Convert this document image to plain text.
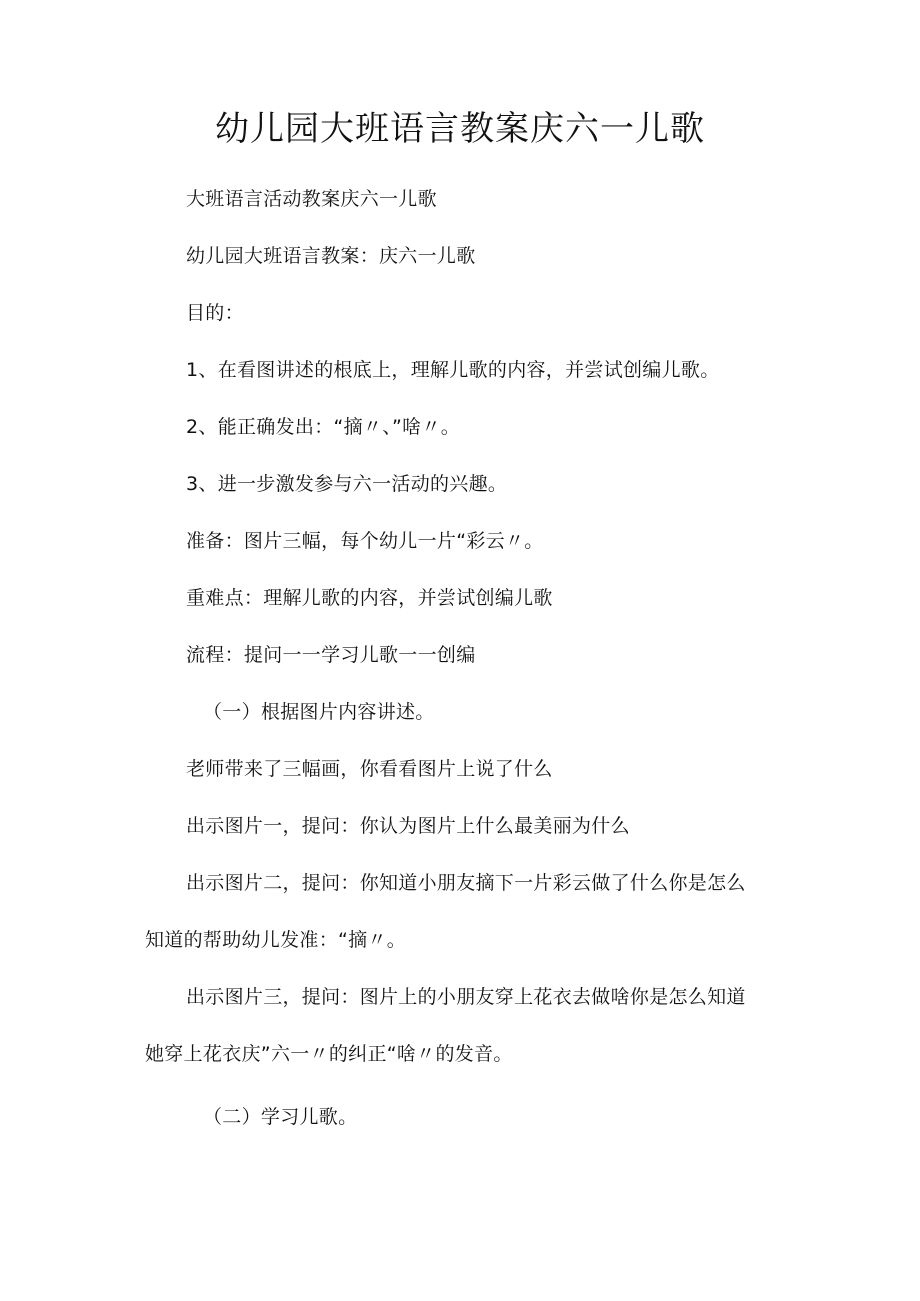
幼儿园大班语言教案庆六一儿歌
大班语言活动教案庆六一儿歌
幼儿园大班语言教案：庆六一儿歌
目的：
1、在看图讲述的根底上，理解儿歌的内容，并尝试创编儿歌。
2、能正确发出：“摘〃、”啥〃。
3、进一步激发参与六一活动的兴趣。
准备：图片三幅，每个幼儿一片“彩云〃。
重难点：理解儿歌的内容，并尝试创编儿歌
流程：提问一一学习儿歌一一创编
（一）根据图片内容讲述。
老师带来了三幅画，你看看图片上说了什么
出示图片一，提问：你认为图片上什么最美丽为什么
出示图片二，提问：你知道小朋友摘下一片彩云做了什么你是怎么
知道的帮助幼儿发准：“摘〃。
出示图片三，提问：图片上的小朋友穿上花衣去做啥你是怎么知道
她穿上花衣庆”六一〃的纠正“啥〃的发音。
（二）学习儿歌。
